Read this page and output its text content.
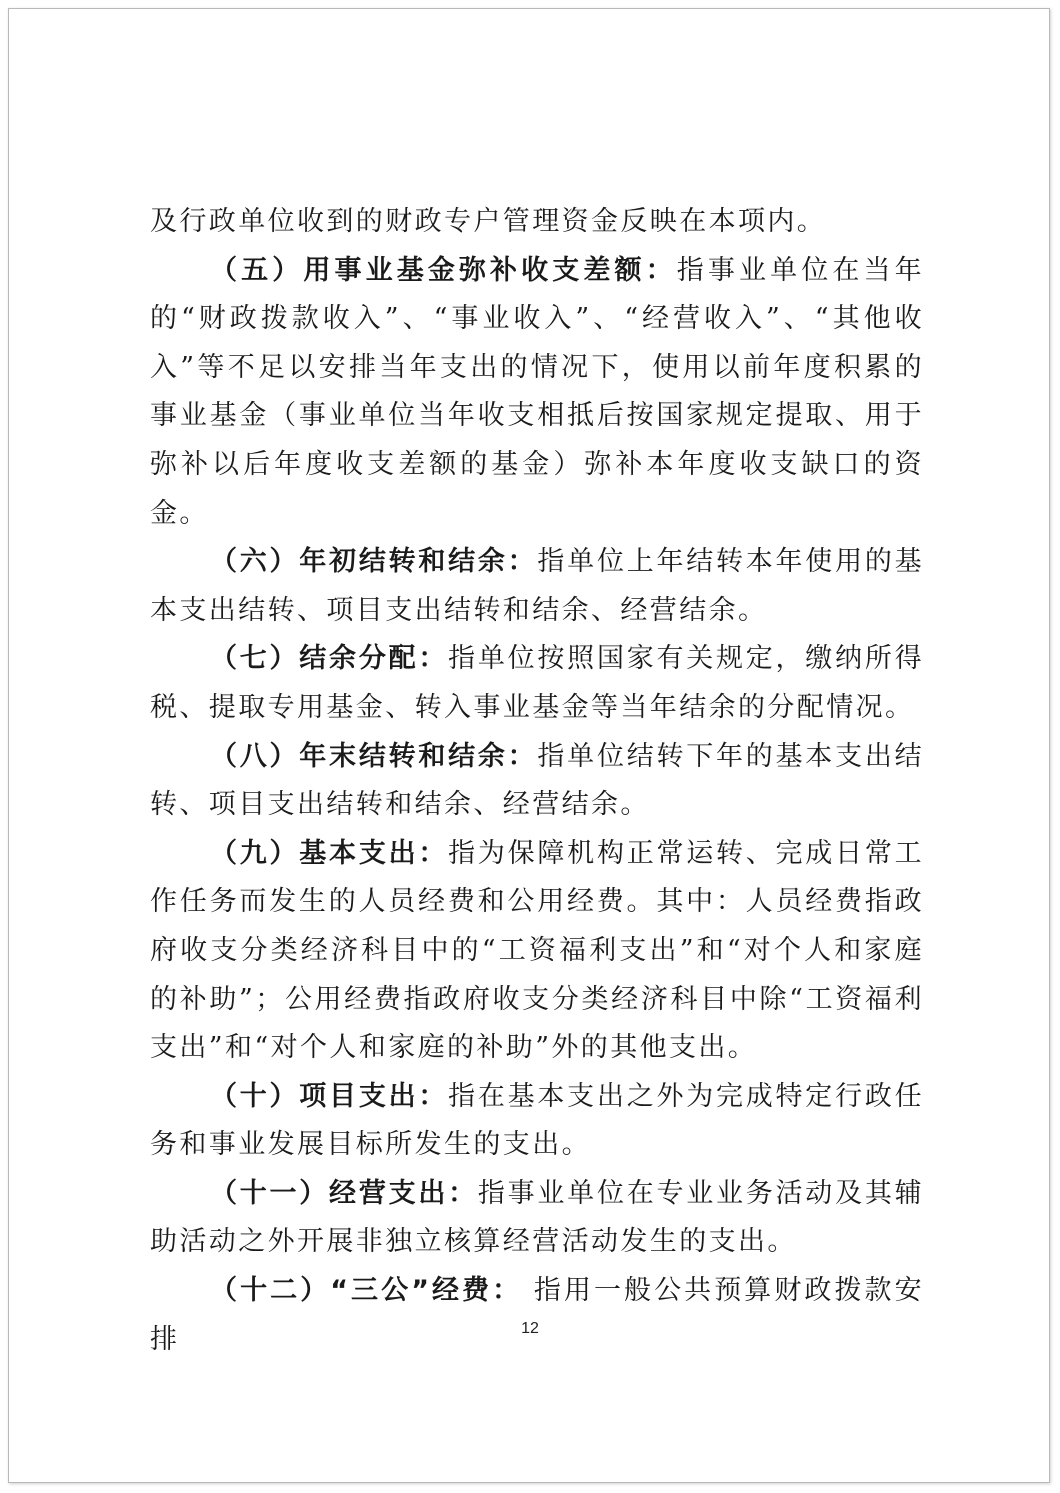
及行政单位收到的财政专户管理资金反映在本项内。

（五）用事业基金弥补收支差额：指事业单位在当年的“财政拨款收入”、“事业收入”、“经营收入”、“其他收入”等不足以安排当年支出的情况下，使用以前年度积累的事业基金（事业单位当年收支相抵后按国家规定提取、用于弥补以后年度收支差额的基金）弥补本年度收支缺口的资金。

（六）年初结转和结余：指单位上年结转本年使用的基本支出结转、项目支出结转和结余、经营结余。

（七）结余分配：指单位按照国家有关规定，缴纳所得税、提取专用基金、转入事业基金等当年结余的分配情况。

（八）年末结转和结余：指单位结转下年的基本支出结转、项目支出结转和结余、经营结余。

（九）基本支出：指为保障机构正常运转、完成日常工作任务而发生的人员经费和公用经费。其中：人员经费指政府收支分类经济科目中的“工资福利支出”和“对个人和家庭的补助”；公用经费指政府收支分类经济科目中除“工资福利支出”和“对个人和家庭的补助”外的其他支出。

（十）项目支出：指在基本支出之外为完成特定行政任务和事业发展目标所发生的支出。

（十一）经营支出：指事业单位在专业业务活动及其辅助活动之外开展非独立核算经营活动发生的支出。

（十二）“三公”经费： 指用一般公共预算财政拨款安排	12
